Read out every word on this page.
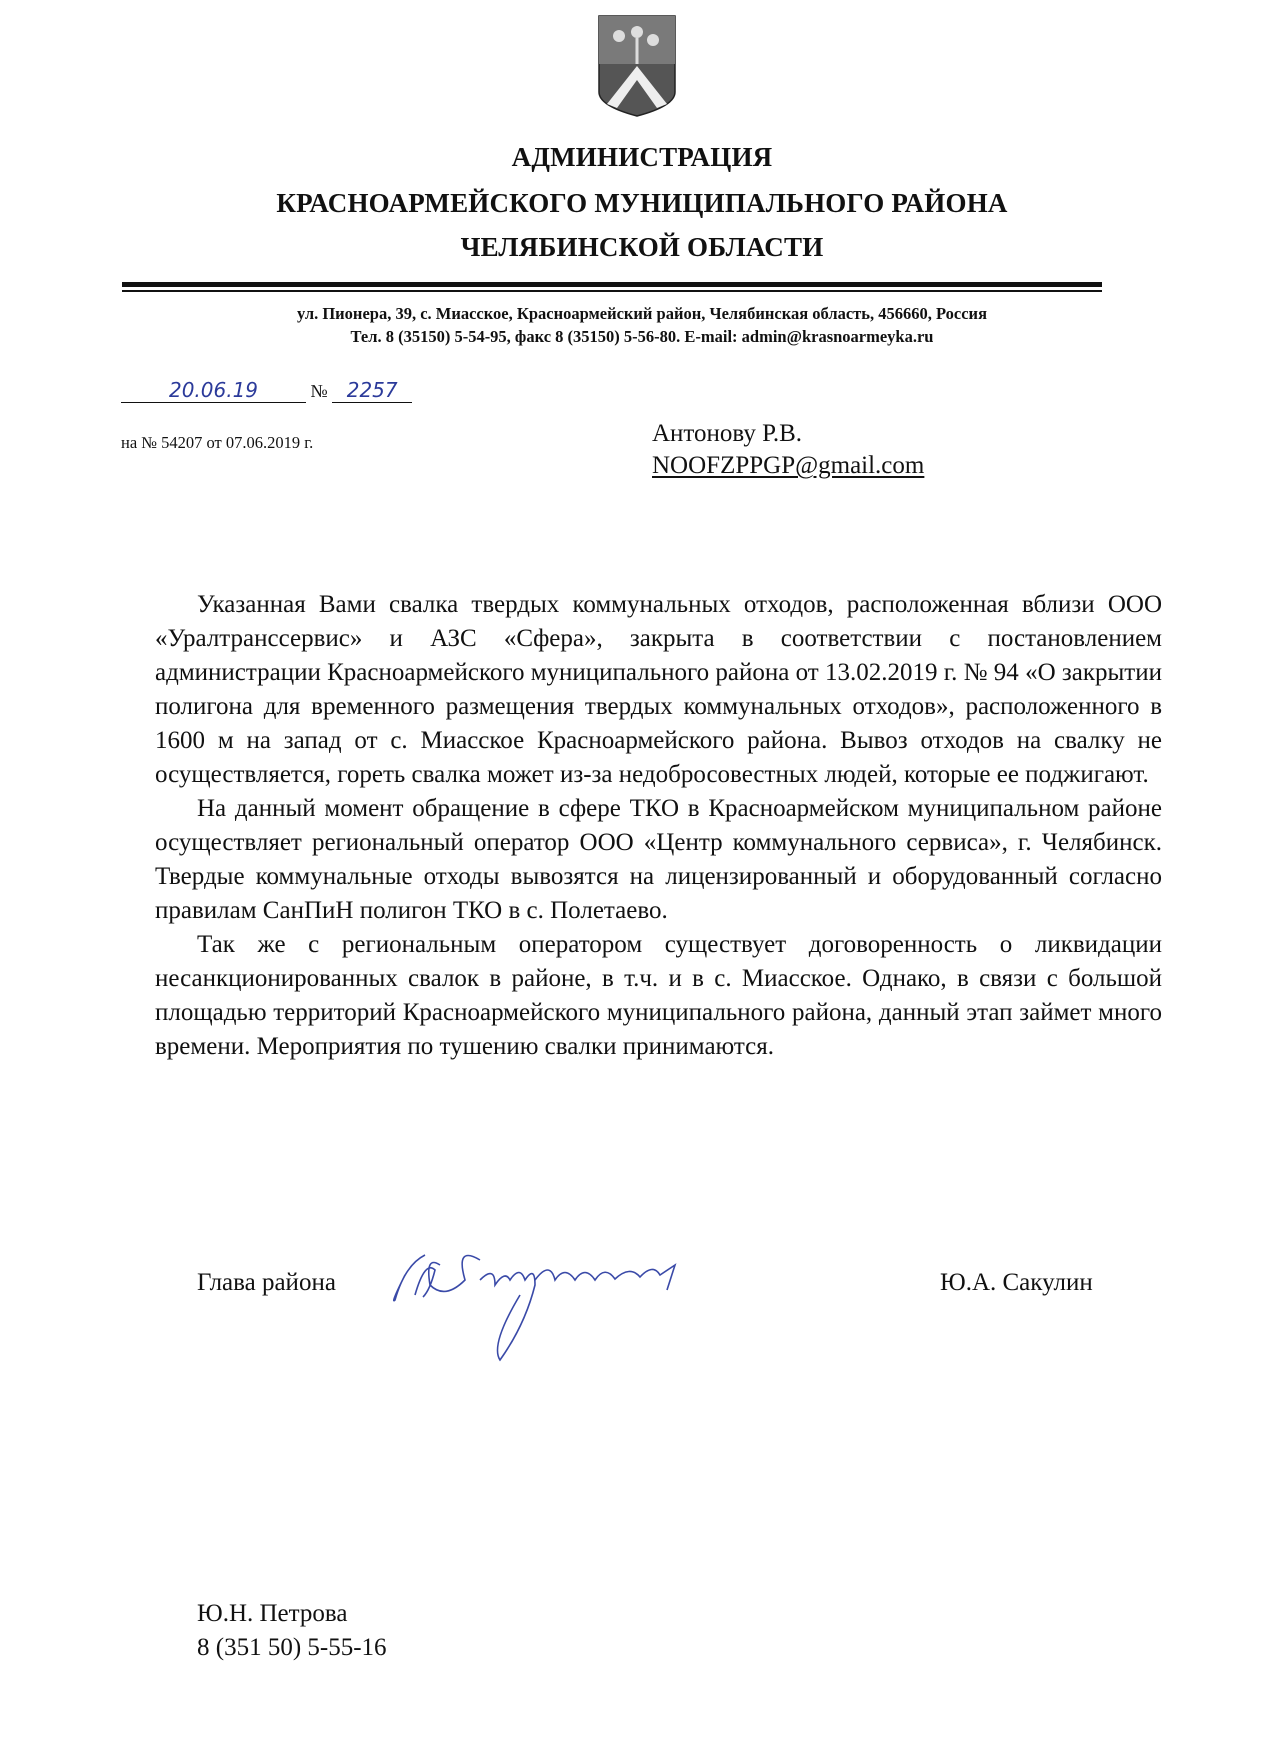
АДМИНИСТРАЦИЯ
КРАСНОАРМЕЙСКОГО МУНИЦИПАЛЬНОГО РАЙОНА
ЧЕЛЯБИНСКОЙ ОБЛАСТИ
ул. Пионера, 39, с. Миасское, Красноармейский район, Челябинская область, 456660, Россия
Тел. 8 (35150) 5-54-95, факс 8 (35150) 5-56-80. E-mail: admin@krasnoarmeyka.ru
20.06.19	№ 2257
на № 54207 от 07.06.2019 г.	Антонову Р.В.
NOOFZPPGP@gmail.com

Указанная Вами свалка твердых коммунальных отходов, расположенная вблизи ООО «Уралтранссервис» и АЗС «Сфера», закрыта в соответствии с постановлением администрации Красноармейского муниципального района от 13.02.2019 г. № 94 «О закрытии полигона для временного размещения твердых коммунальных отходов», расположенного в 1600 м на запад от с. Миасское Красноармейского района. Вывоз отходов на свалку не осуществляется, гореть свалка может из-за недобросовестных людей, которые ее поджигают.

На данный момент обращение в сфере ТКО в Красноармейском муниципальном районе осуществляет региональный оператор ООО «Центр коммунального сервиса», г. Челябинск. Твердые коммунальные отходы вывозятся на лицензированный и оборудованный согласно правилам СанПиН полигон ТКО в с. Полетаево.

Так же с региональным оператором существует договоренность о ликвидации несанкционированных свалок в районе, в т.ч. и в с. Миасское. Однако, в связи с большой площадью территорий Красноармейского муниципального района, данный этап займет много времени. Мероприятия по тушению свалки принимаются.

Глава района	Ю.А. Сакулин
Ю.Н. Петрова
8 (351 50) 5-55-16
